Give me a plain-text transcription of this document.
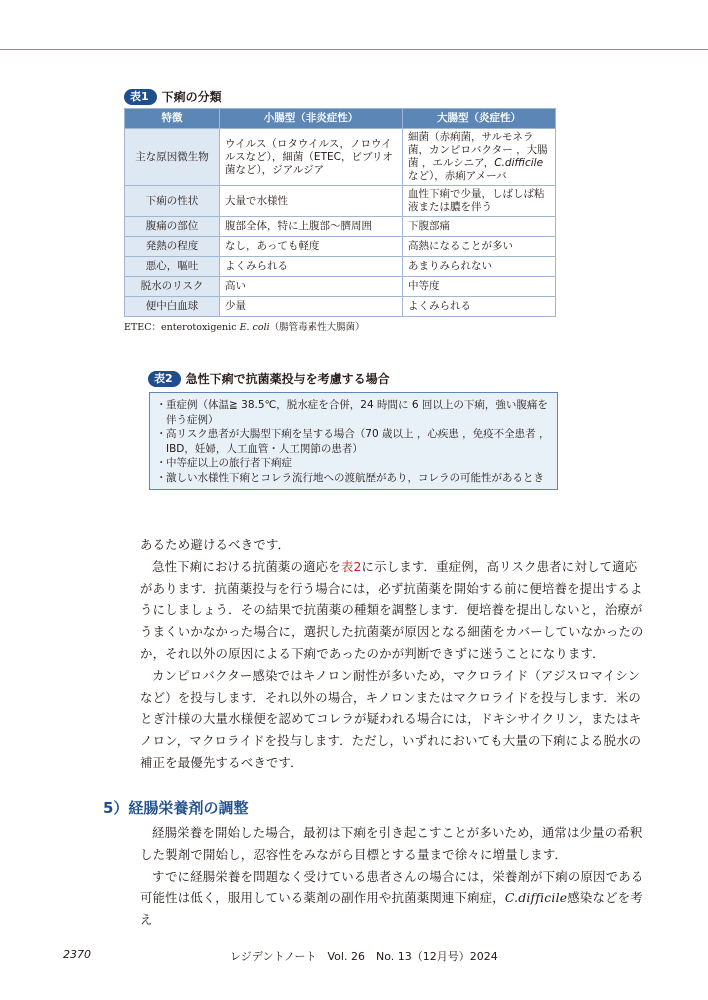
表1	下痢の分類
特徴	小腸型（非炎症性）	大腸型（炎症性）
主な原因微生物	ウイルス（ロタウイルス，ノロウイルスなど），細菌（ETEC，ビブリオ菌など），ジアルジア	細菌（赤痢菌，サルモネラ菌，カンピロバクター ，大腸菌 ，エルシニア，C.difficileなど），赤痢アメーバ
下痢の性状	大量で水様性	血性下痢で少量，しばしば粘液または膿を伴う
腹痛の部位	腹部全体，特に上腹部～臍周囲	下腹部痛
発熱の程度	なし，あっても軽度	高熱になることが多い
悪心，嘔吐	よくみられる	あまりみられない
脱水のリスク	高い	中等度
便中白血球	少量	よくみられる
ETEC：enterotoxigenic E. coli（腸管毒素性大腸菌）
表2	急性下痢で抗菌薬投与を考慮する場合
・ 重症例（体温≧ 38.5℃，脱水症を合併，24 時間に 6 回以上の下痢，強い腹痛を伴う症例）
・ 高リスク患者が大腸型下痢を呈する場合（70 歳以上 ，心疾患 ，免疫不全患者 ，IBD，妊婦，人工血管・人工関節の患者）
・ 中等症以上の旅行者下痢症
・ 激しい水様性下痢とコレラ流行地への渡航歴があり，コレラの可能性があるとき

あるため避けるべきです．

急性下痢における抗菌薬の適応を表2に示します．重症例，高リスク患者に対して適応があります．抗菌薬投与を行う場合には，必ず抗菌薬を開始する前に便培養を提出するようにしましょう．その結果で抗菌薬の種類を調整します．便培養を提出しないと，治療がうまくいかなかった場合に，選択した抗菌薬が原因となる細菌をカバーしていなかったのか，それ以外の原因による下痢であったのかが判断できずに迷うことになります．

カンピロバクター感染ではキノロン耐性が多いため，マクロライド（アジスロマイシンなど）を投与します．それ以外の場合，キノロンまたはマクロライドを投与します．米のとぎ汁様の大量水様便を認めてコレラが疑われる場合には，ドキシサイクリン，またはキノロン，マクロライドを投与します．ただし，いずれにおいても大量の下痢による脱水の補正を最優先するべきです．

5）経腸栄養剤の調整

経腸栄養を開始した場合，最初は下痢を引き起こすことが多いため，通常は少量の希釈した製剤で開始し，忍容性をみながら目標とする量まで徐々に増量します．

すでに経腸栄養を問題なく受けている患者さんの場合には，栄養剤が下痢の原因である可能性は低く，服用している薬剤の副作用や抗菌薬関連下痢症，C.difficile感染などを考え

2370	レジデントノート　Vol. 26　No. 13（12月号）2024
